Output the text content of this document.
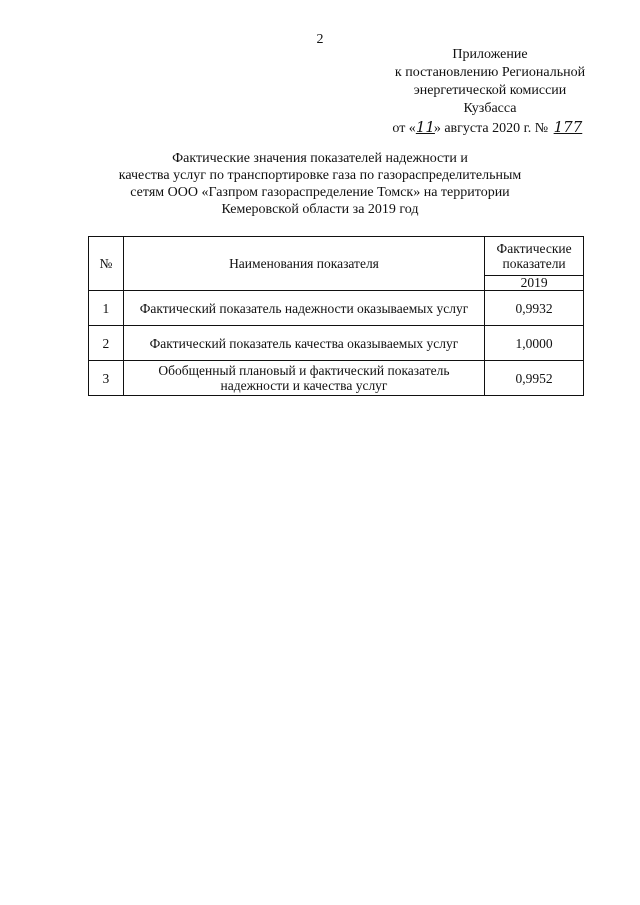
2
Приложение
к постановлению Региональной
энергетической комиссии
Кузбасса
от «11» августа 2020 г. № 177
Фактические значения показателей надежности и
качества услуг по транспортировке газа по газораспределительным
сетям ООО «Газпром газораспределение Томск» на территории
Кемеровской области за 2019 год
№	Наименования показателя	Фактические показатели
		2019
1	Фактический показатель надежности оказываемых услуг	0,9932
2	Фактический показатель качества оказываемых услуг	1,0000
3	Обобщенный плановый и фактический показатель надежности и качества услуг	0,9952
